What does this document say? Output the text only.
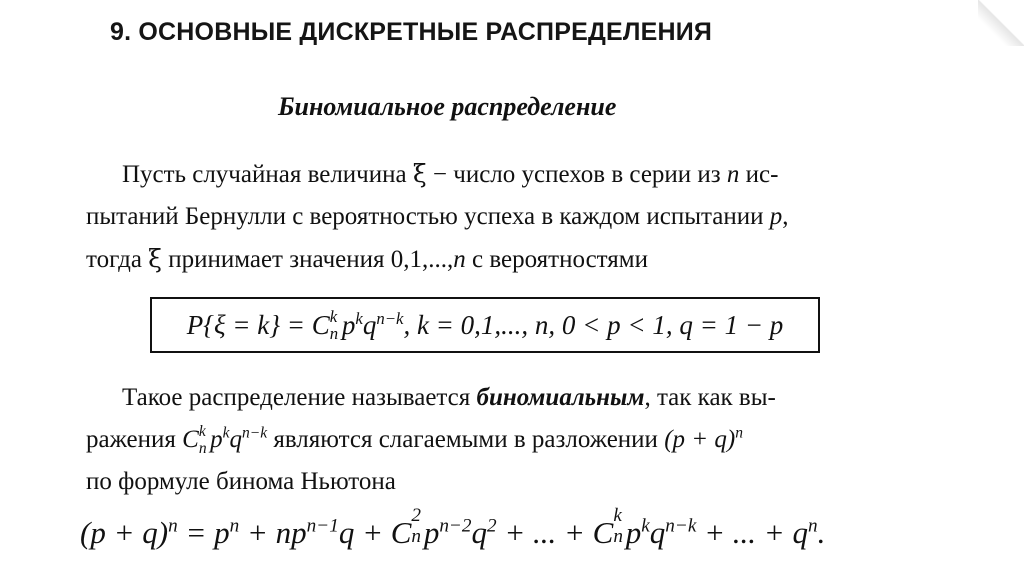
9. ОСНОВНЫЕ ДИСКРЕТНЫЕ РАСПРЕДЕЛЕНИЯ
Биномиальное распределение
Пусть случайная величина ξ − число успехов в серии из n ис-
пытаний Бернулли с вероятностью успеха в каждом испытании p,
тогда ξ принимает значения 0,1,...,n с вероятностями
P{ξ = k} = C k
n $p^kq^{n-k}$, k = 0,1,..., n, 0 < p < 1, q = 1 − p
Такое распределение называется биномиальным, так как вы-
ражения C k
n $p^kq^{n-k}$ являются слагаемыми в разложении $(p + q)^n$
по формуле бинома Ньютона
$(p + q)^n = p^n + np^{n-1}q + C$ 2
n $p^{n-2}q^2$ + ... + C k
n $p^kq^{n-k}$ + ... + $q^n$.
